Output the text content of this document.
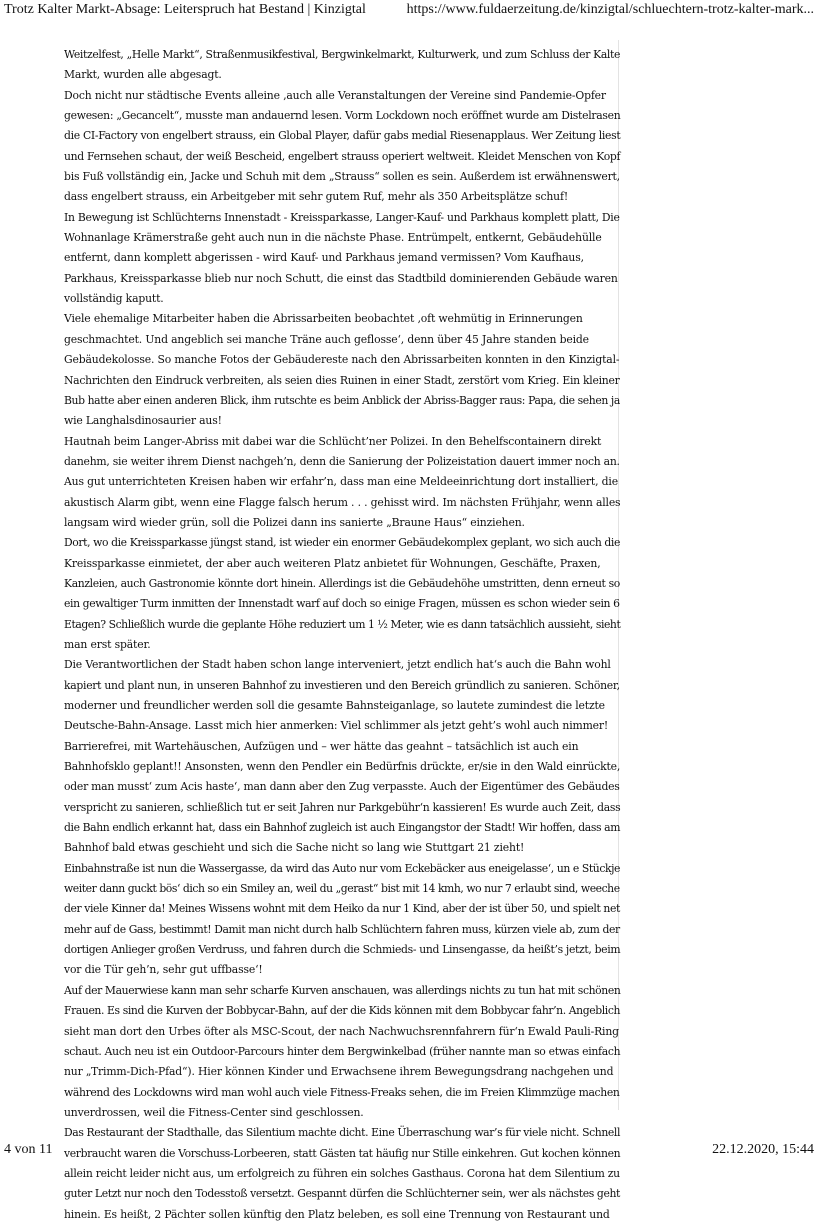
Trotz Kalter Markt-Absage: Leiterspruch hat Bestand | Kinzigtal	https://www.fuldaerzeitung.de/kinzigtal/schluechtern-trotz-kalter-mark...
Weitzelfest, „Helle Markt“, Straßenmusikfestival, Bergwinkelmarkt, Kulturwerk, und zum Schluss der Kalte
Markt, wurden alle abgesagt.
Doch nicht nur städtische Events alleine ‚auch alle Veranstaltungen der Vereine sind Pandemie-Opfer
gewesen: „Gecancelt“, musste man andauernd lesen. Vorm Lockdown noch eröffnet wurde am Distelrasen
die CI-Factory von engelbert strauss, ein Global Player, dafür gabs medial Riesenapplaus. Wer Zeitung liest
und Fernsehen schaut, der weiß Bescheid, engelbert strauss operiert weltweit. Kleidet Menschen von Kopf
bis Fuß vollständig ein, Jacke und Schuh mit dem „Strauss“ sollen es sein. Außerdem ist erwähnenswert,
dass engelbert strauss, ein Arbeitgeber mit sehr gutem Ruf, mehr als 350 Arbeitsplätze schuf!
In Bewegung ist Schlüchterns Innenstadt - Kreissparkasse, Langer-Kauf- und Parkhaus komplett platt, Die
Wohnanlage Krämerstraße geht auch nun in die nächste Phase. Entrümpelt, entkernt, Gebäudehülle
entfernt, dann komplett abgerissen - wird Kauf- und Parkhaus jemand vermissen? Vom Kaufhaus,
Parkhaus, Kreissparkasse blieb nur noch Schutt, die einst das Stadtbild dominierenden Gebäude waren
vollständig kaputt.
Viele ehemalige Mitarbeiter haben die Abrissarbeiten beobachtet ‚oft wehmütig in Erinnerungen
geschmachtet. Und angeblich sei manche Träne auch geflosse‘, denn über 45 Jahre standen beide
Gebäudekolosse. So manche Fotos der Gebäudereste nach den Abrissarbeiten konnten in den Kinzigtal-
Nachrichten den Eindruck verbreiten, als seien dies Ruinen in einer Stadt, zerstört vom Krieg. Ein kleiner
Bub hatte aber einen anderen Blick, ihm rutschte es beim Anblick der Abriss-Bagger raus: Papa, die sehen ja
wie Langhalsdinosaurier aus!
Hautnah beim Langer-Abriss mit dabei war die Schlücht’ner Polizei. In den Behelfscontainern direkt
danehm, sie weiter ihrem Dienst nachgeh’n, denn die Sanierung der Polizeistation dauert immer noch an.
Aus gut unterrichteten Kreisen haben wir erfahr’n, dass man eine Meldeeinrichtung dort installiert, die
akustisch Alarm gibt, wenn eine Flagge falsch herum . . . gehisst wird. Im nächsten Frühjahr, wenn alles
langsam wird wieder grün, soll die Polizei dann ins sanierte „Braune Haus“ einziehen.
Dort, wo die Kreissparkasse jüngst stand, ist wieder ein enormer Gebäudekomplex geplant, wo sich auch die
Kreissparkasse einmietet, der aber auch weiteren Platz anbietet für Wohnungen, Geschäfte, Praxen,
Kanzleien, auch Gastronomie könnte dort hinein. Allerdings ist die Gebäudehöhe umstritten, denn erneut so
ein gewaltiger Turm inmitten der Innenstadt warf auf doch so einige Fragen, müssen es schon wieder sein 6
Etagen? Schließlich wurde die geplante Höhe reduziert um 1 ½ Meter, wie es dann tatsächlich aussieht, sieht
man erst später.
Die Verantwortlichen der Stadt haben schon lange interveniert, jetzt endlich hat‘s auch die Bahn wohl
kapiert und plant nun, in unseren Bahnhof zu investieren und den Bereich gründlich zu sanieren. Schöner,
moderner und freundlicher werden soll die gesamte Bahnsteiganlage, so lautete zumindest die letzte
Deutsche-Bahn-Ansage. Lasst mich hier anmerken: Viel schlimmer als jetzt geht’s wohl auch nimmer!
Barrierefrei, mit Wartehäuschen, Aufzügen und – wer hätte das geahnt – tatsächlich ist auch ein
Bahnhofsklo geplant!! Ansonsten, wenn den Pendler ein Bedürfnis drückte, er/sie in den Wald einrückte,
oder man musst‘ zum Acis haste‘, man dann aber den Zug verpasste. Auch der Eigentümer des Gebäudes
verspricht zu sanieren, schließlich tut er seit Jahren nur Parkgebühr‘n kassieren! Es wurde auch Zeit, dass
die Bahn endlich erkannt hat, dass ein Bahnhof zugleich ist auch Eingangstor der Stadt! Wir hoffen, dass am
Bahnhof bald etwas geschieht und sich die Sache nicht so lang wie Stuttgart 21 zieht!
Einbahnstraße ist nun die Wassergasse, da wird das Auto nur vom Eckebäcker aus eneigelasse‘, un e Stückje
weiter dann guckt bös‘ dich so ein Smiley an, weil du „gerast“ bist mit 14 kmh, wo nur 7 erlaubt sind, weeche
der viele Kinner da! Meines Wissens wohnt mit dem Heiko da nur 1 Kind, aber der ist über 50, und spielt net
mehr auf de Gass, bestimmt! Damit man nicht durch halb Schlüchtern fahren muss, kürzen viele ab, zum der
dortigen Anlieger großen Verdruss, und fahren durch die Schmieds- und Linsengasse, da heißt’s jetzt, beim
vor die Tür geh’n, sehr gut uffbasse‘!
Auf der Mauerwiese kann man sehr scharfe Kurven anschauen, was allerdings nichts zu tun hat mit schönen
Frauen. Es sind die Kurven der Bobbycar-Bahn, auf der die Kids können mit dem Bobbycar fahr’n. Angeblich
sieht man dort den Urbes öfter als MSC-Scout, der nach Nachwuchsrennfahrern für‘n Ewald Pauli-Ring
schaut. Auch neu ist ein Outdoor-Parcours hinter dem Bergwinkelbad (früher nannte man so etwas einfach
nur „Trimm-Dich-Pfad“). Hier können Kinder und Erwachsene ihrem Bewegungsdrang nachgehen und
während des Lockdowns wird man wohl auch viele Fitness-Freaks sehen, die im Freien Klimmzüge machen
unverdrossen, weil die Fitness-Center sind geschlossen.
Das Restaurant der Stadthalle, das Silentium machte dicht. Eine Überraschung war’s für viele nicht. Schnell
verbraucht waren die Vorschuss-Lorbeeren, statt Gästen tat häufig nur Stille einkehren. Gut kochen können
allein reicht leider nicht aus, um erfolgreich zu führen ein solches Gasthaus. Corona hat dem Silentium zu
guter Letzt nur noch den Todesstoß versetzt. Gespannt dürfen die Schlüchterner sein, wer als nächstes geht
hinein. Es heißt, 2 Pächter sollen künftig den Platz beleben, es soll eine Trennung von Restaurant und
4 von 11	22.12.2020, 15:44
